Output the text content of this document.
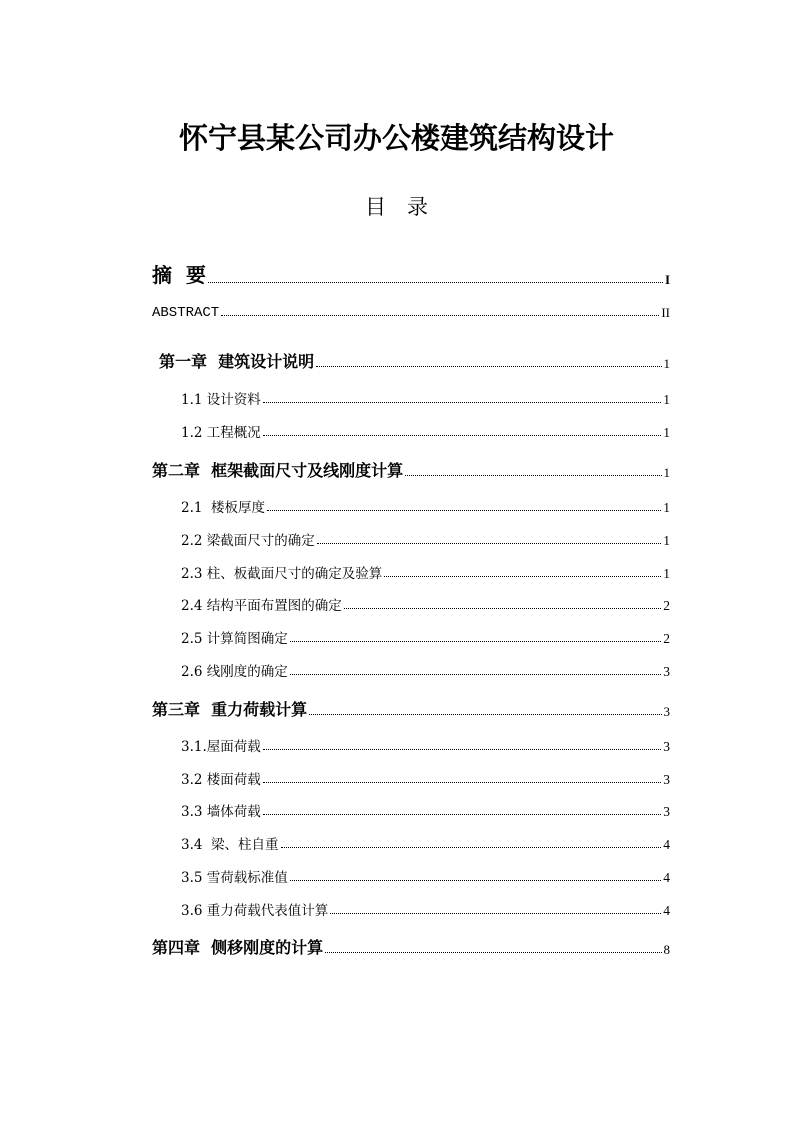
怀宁县某公司办公楼建筑结构设计
目　录
摘  要	I
ABSTRACT	II
第一章  建筑设计说明	1
1.1 设计资料	1
1.2 工程概况	1
第二章  框架截面尺寸及线刚度计算	1
2.1  楼板厚度	1
2.2 梁截面尺寸的确定	1
2.3 柱、板截面尺寸的确定及验算	1
2.4 结构平面布置图的确定	2
2.5 计算简图确定	2
2.6 线刚度的确定	3
第三章  重力荷载计算	3
3.1.屋面荷载	3
3.2 楼面荷载	3
3.3 墙体荷载	3
3.4  梁、柱自重	4
3.5 雪荷载标准值	4
3.6 重力荷载代表值计算	4
第四章  侧移刚度的计算	8
